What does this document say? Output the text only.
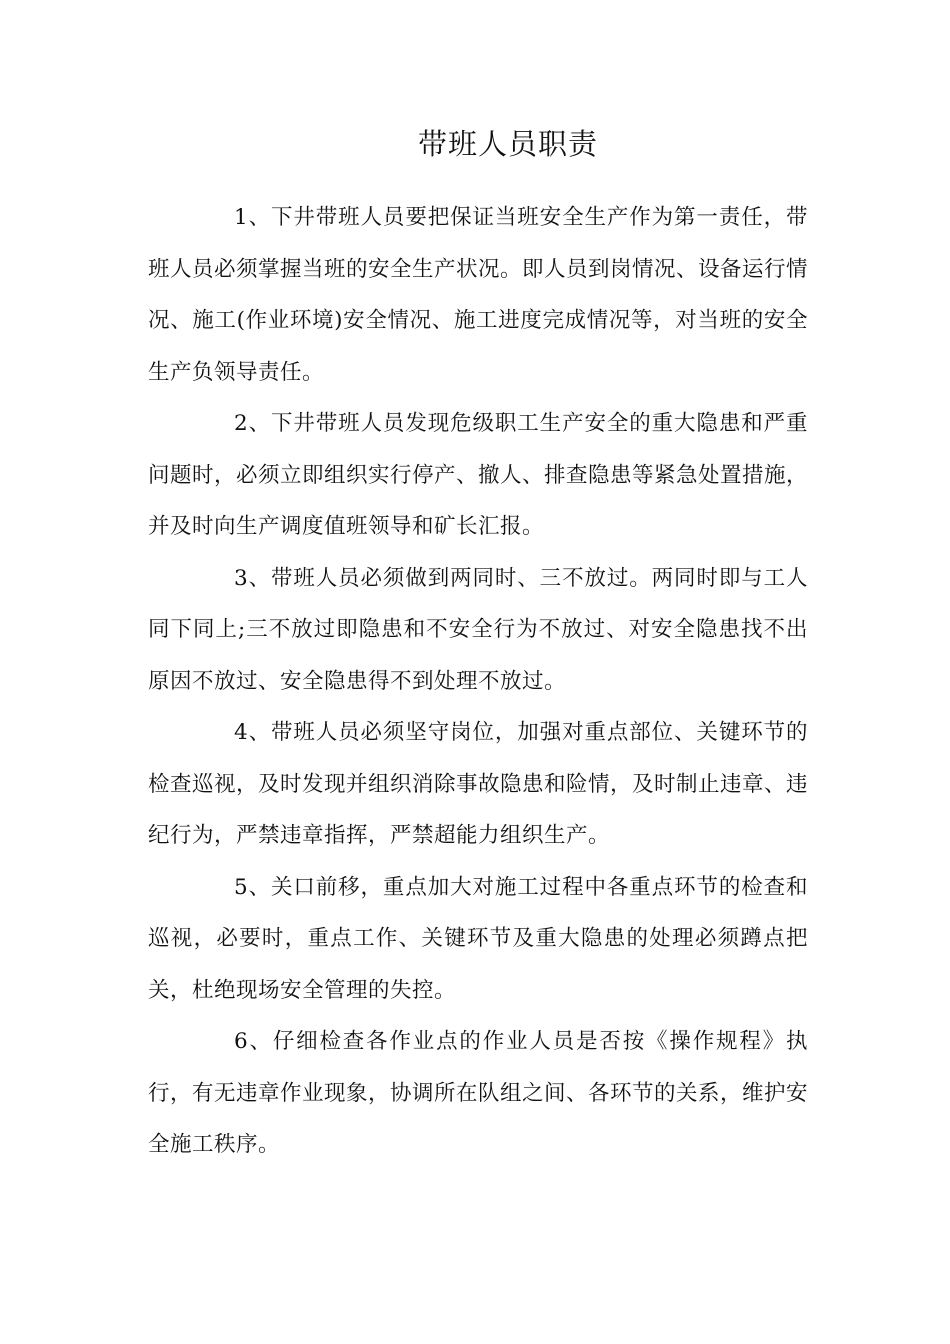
带班人员职责

1、下井带班人员要把保证当班安全生产作为第一责任，带班人员必须掌握当班的安全生产状况。即人员到岗情况、设备运行情况、施工(作业环境)安全情况、施工进度完成情况等，对当班的安全生产负领导责任。

2、下井带班人员发现危级职工生产安全的重大隐患和严重问题时，必须立即组织实行停产、撤人、排查隐患等紧急处置措施，并及时向生产调度值班领导和矿长汇报。

3、带班人员必须做到两同时、三不放过。两同时即与工人同下同上;三不放过即隐患和不安全行为不放过、对安全隐患找不出原因不放过、安全隐患得不到处理不放过。

4、带班人员必须坚守岗位，加强对重点部位、关键环节的检查巡视，及时发现并组织消除事故隐患和险情，及时制止违章、违纪行为，严禁违章指挥，严禁超能力组织生产。

5、关口前移，重点加大对施工过程中各重点环节的检查和巡视，必要时，重点工作、关键环节及重大隐患的处理必须蹲点把关，杜绝现场安全管理的失控。

6、仔细检查各作业点的作业人员是否按《操作规程》执行，有无违章作业现象，协调所在队组之间、各环节的关系，维护安全施工秩序。
